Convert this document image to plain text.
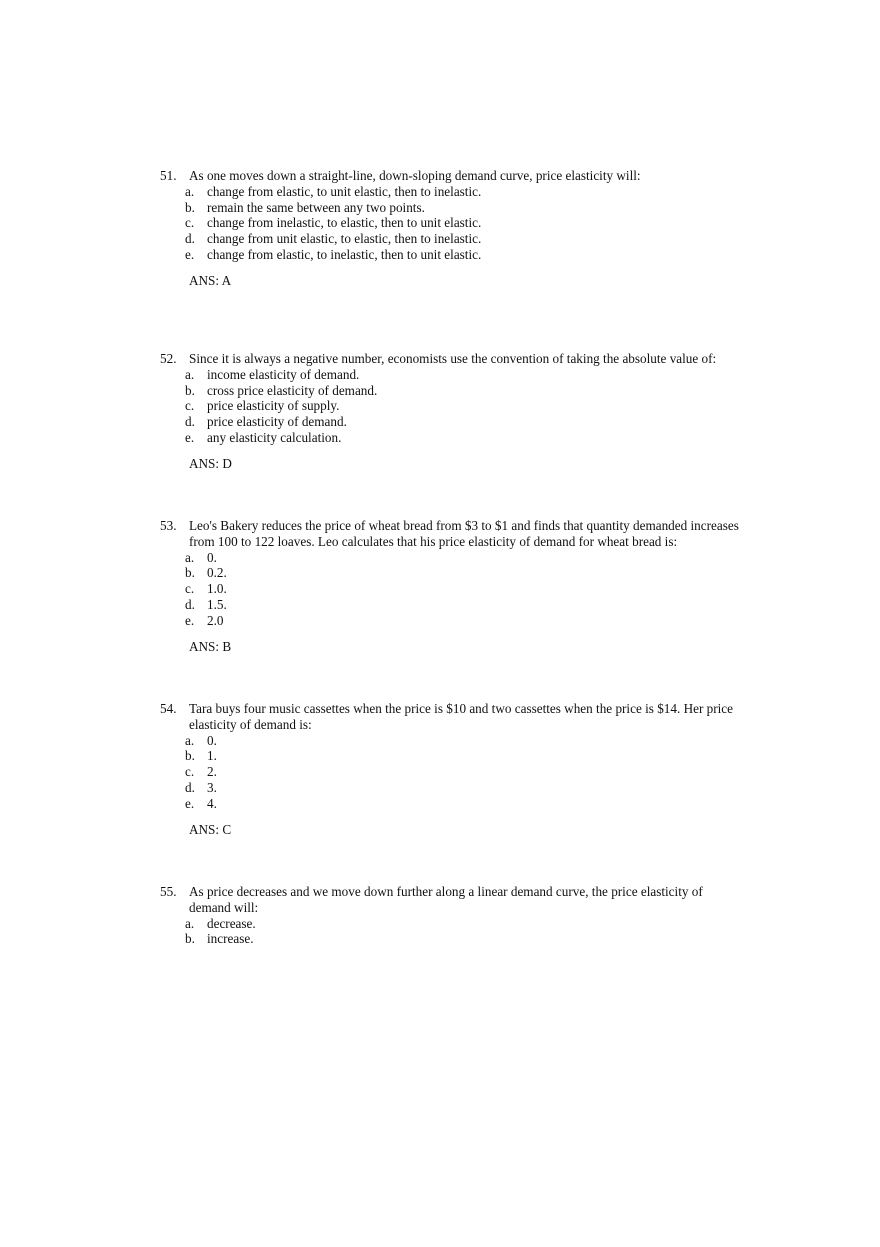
51. As one moves down a straight-line, down-sloping demand curve, price elasticity will:
a. change from elastic, to unit elastic, then to inelastic.
b. remain the same between any two points.
c. change from inelastic, to elastic, then to unit elastic.
d. change from unit elastic, to elastic, then to inelastic.
e. change from elastic, to inelastic, then to unit elastic.
ANS: A
52. Since it is always a negative number, economists use the convention of taking the absolute value of:
a. income elasticity of demand.
b. cross price elasticity of demand.
c. price elasticity of supply.
d. price elasticity of demand.
e. any elasticity calculation.
ANS: D
53. Leo's Bakery reduces the price of wheat bread from $3 to $1 and finds that quantity demanded increases from 100 to 122 loaves. Leo calculates that his price elasticity of demand for wheat bread is:
a. 0.
b. 0.2.
c. 1.0.
d. 1.5.
e. 2.0
ANS: B
54. Tara buys four music cassettes when the price is $10 and two cassettes when the price is $14. Her price elasticity of demand is:
a. 0.
b. 1.
c. 2.
d. 3.
e. 4.
ANS: C
55. As price decreases and we move down further along a linear demand curve, the price elasticity of demand will:
a. decrease.
b. increase.
